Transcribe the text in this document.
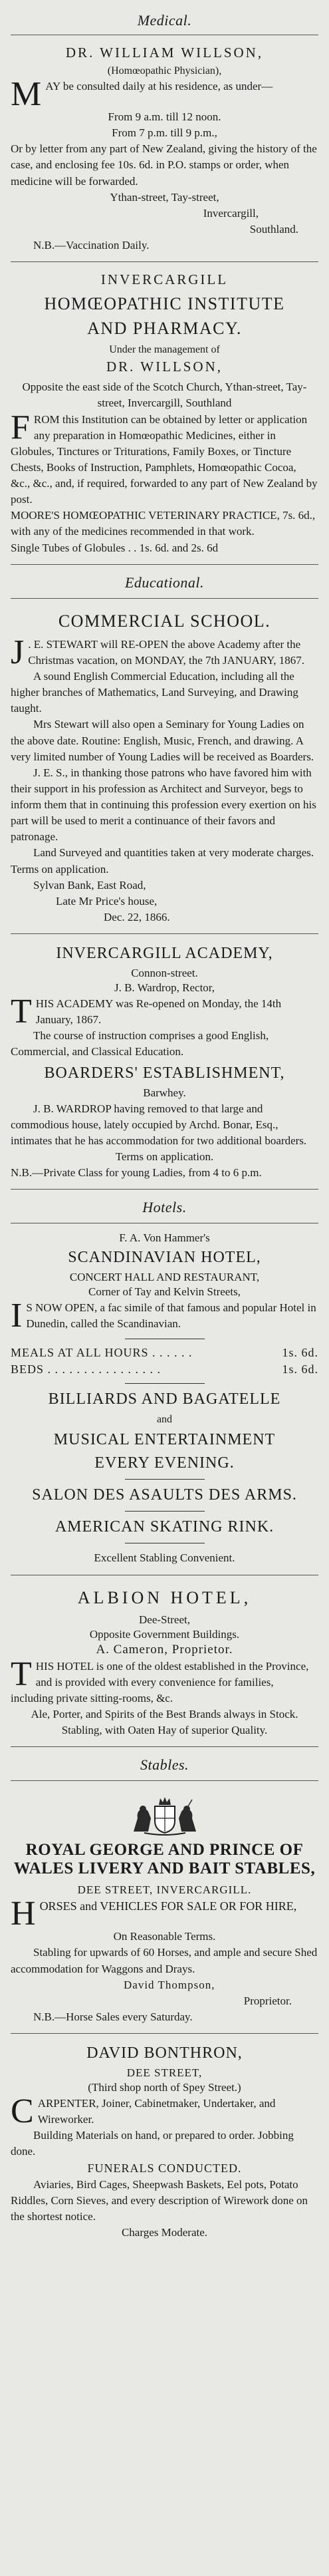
Medical.
DR. WILLIAM WILLSON,
(Homœopathic Physician),

MAY be consulted daily at his residence, as under—

From 9 a.m. till 12 noon.

From 7 p.m. till 9 p.m.,

Or by letter from any part of New Zealand, giving the history of the case, and enclosing fee 10s. 6d. in P.O. stamps or order, when medicine will be forwarded.

Ythan-street, Tay-street,

Invercargill,

Southland.

N.B.—Vaccination Daily.

INVERCARGILL
HOMŒOPATHIC INSTITUTE
AND PHARMACY.
Under the management of
DR. WILLSON,

Opposite the east side of the Scotch Church, Ythan-street, Tay-street, Invercargill, Southland

FROM this Institution can be obtained by letter or application any preparation in Homœopathic Medicines, either in Globules, Tinctures or Triturations, Family Boxes, or Tincture Chests, Books of Instruction, Pamphlets, Homœopathic Cocoa, &c., &c., and, if required, forwarded to any part of New Zealand by post.

MOORE'S HOMŒOPATHIC VETERINARY PRACTICE, 7s. 6d., with any of the medicines recommended in that work.

Single Tubes of Globules . . 1s. 6d. and 2s. 6d

Educational.
COMMERCIAL SCHOOL.

J . E. STEWART will RE-OPEN the above Academy after the Christmas vacation, on MONDAY, the 7th JANUARY, 1867.

A sound English Commercial Education, including all the higher branches of Mathematics, Land Surveying, and Drawing taught.

Mrs Stewart will also open a Seminary for Young Ladies on the above date. Routine: English, Music, French, and drawing. A very limited number of Young Ladies will be received as Boarders.

J. E. S., in thanking those patrons who have favored him with their support in his profession as Architect and Surveyor, begs to inform them that in continuing this profession every exertion on his part will be used to merit a continuance of their favors and patronage.

Land Surveyed and quantities taken at very moderate charges. Terms on application.

Sylvan Bank, East Road,

Late Mr Price's house,

Dec. 22, 1866.

INVERCARGILL ACADEMY,
Connon-street.
J. B. Wardrop, Rector,

THIS ACADEMY was Re-opened on Monday, the 14th January, 1867.

The course of instruction comprises a good English, Commercial, and Classical Education.

BOARDERS' ESTABLISHMENT,
Barwhey.

J. B. WARDROP having removed to that large and commodious house, lately occupied by Archd. Bonar, Esq., intimates that he has accommodation for two additional boarders.

Terms on application.

N.B.—Private Class for young Ladies, from 4 to 6 p.m.

Hotels.
F. A. Von Hammer's
SCANDINAVIAN HOTEL,
CONCERT HALL AND RESTAURANT,
Corner of Tay and Kelvin Streets,

I S NOW OPEN, a fac simile of that famous and popular Hotel in Dunedin, called the Scandinavian.

MEALS AT ALL HOURS . . . . . .	1s. 6d.
BEDS . . . . . . . . . . . . . . . .	1s. 6d.
BILLIARDS AND BAGATELLE
and
MUSICAL ENTERTAINMENT
EVERY EVENING.
SALON DES ASAULTS DES ARMS.
AMERICAN SKATING RINK.

Excellent Stabling Convenient.

ALBION HOTEL,
Dee-Street,
Opposite Government Buildings.
A. Cameron, Proprietor.

THIS HOTEL is one of the oldest established in the Province, and is provided with every convenience for families, including private sitting-rooms, &c.

Ale, Porter, and Spirits of the Best Brands always in Stock.

Stabling, with Oaten Hay of superior Quality.

Stables.
ROYAL GEORGE AND PRINCE OF WALES LIVERY AND BAIT STABLES,
DEE STREET, INVERCARGILL.

HORSES and VEHICLES FOR SALE OR FOR HIRE,

On Reasonable Terms.

Stabling for upwards of 60 Horses, and ample and secure Shed accommodation for Waggons and Drays.

David Thompson,

Proprietor.

N.B.—Horse Sales every Saturday.

DAVID BONTHRON,
DEE STREET,
(Third shop north of Spey Street.)

CARPENTER, Joiner, Cabinetmaker, Undertaker, and Wireworker.

Building Materials on hand, or prepared to order. Jobbing done.

FUNERALS CONDUCTED.

Aviaries, Bird Cages, Sheepwash Baskets, Eel pots, Potato Riddles, Corn Sieves, and every description of Wirework done on the shortest notice.

Charges Moderate.
